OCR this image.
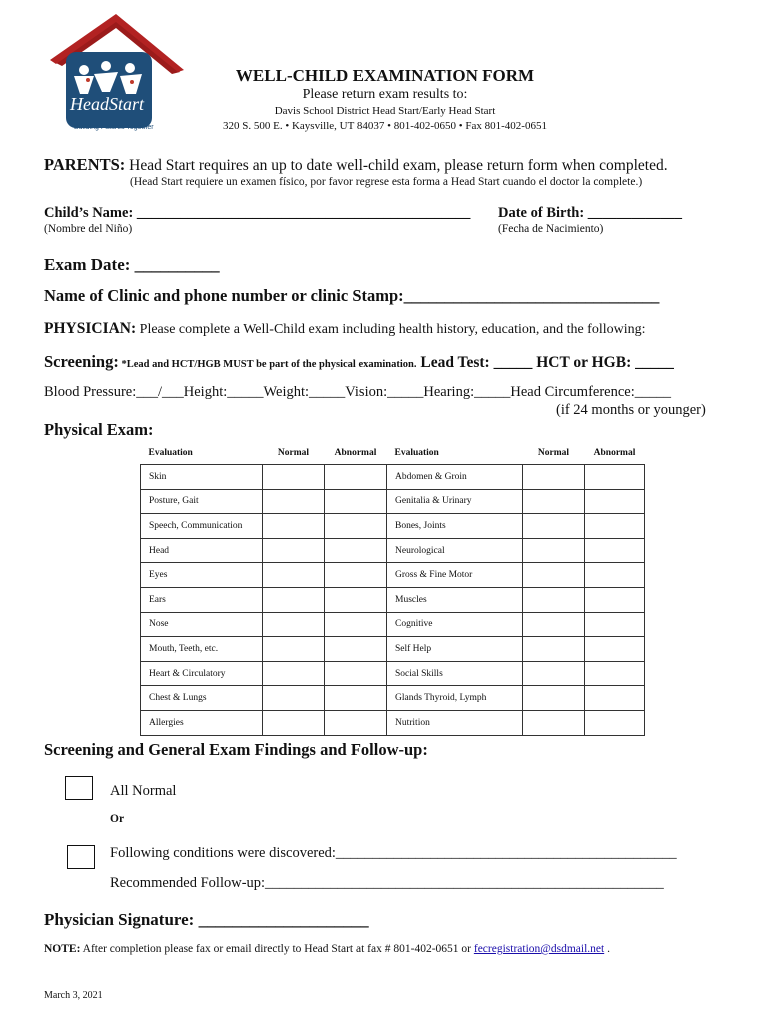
HeadStart
Building Futures Together
WELL-CHILD EXAMINATION FORM
Please return exam results to:
Davis School District Head Start/Early Head Start
320 S. 500 E. • Kaysville, UT 84037 • 801-402-0650 • Fax 801-402-0651
PARENTS: Head Start requires an up to date well-child exam, please return form when completed.
(Head Start requiere un examen físico, por favor regrese esta forma a Head Start cuando el doctor la complete.)
Child’s Name: ______________________________________________ Date of Birth: _____________
(Nombre del Niño)	(Fecha de Nacimiento)
Exam Date: __________
Name of Clinic and phone number or clinic Stamp:_______________________________
PHYSICIAN: Please complete a Well-Child exam including health history, education, and the following:
Screening: *Lead and HCT/HGB MUST be part of the physical examination. Lead Test: _____ HCT or HGB: _____
Blood Pressure:___/___Height:_____Weight:_____Vision:_____Hearing:_____Head Circumference:_____
(if 24 months or younger)
Physical Exam:
Evaluation	Normal	Abnormal	Evaluation	Normal	Abnormal
Skin			Abdomen & Groin		
Posture, Gait			Genitalia & Urinary		
Speech, Communication			Bones, Joints		
Head			Neurological		
Eyes			Gross & Fine Motor		
Ears			Muscles		
Nose			Cognitive		
Mouth, Teeth, etc.			Self Help		
Heart & Circulatory			Social Skills		
Chest & Lungs			Glands Thyroid, Lymph		
Allergies			Nutrition		
Screening and General Exam Findings and Follow-up:
All Normal
Or
Following conditions were discovered:_______________________________________________
Recommended Follow-up:_______________________________________________________
Physician Signature: ____________________
NOTE: After completion please fax or email directly to Head Start at fax # 801-402-0651 or fecregistration@dsdmail.net .
March 3, 2021
